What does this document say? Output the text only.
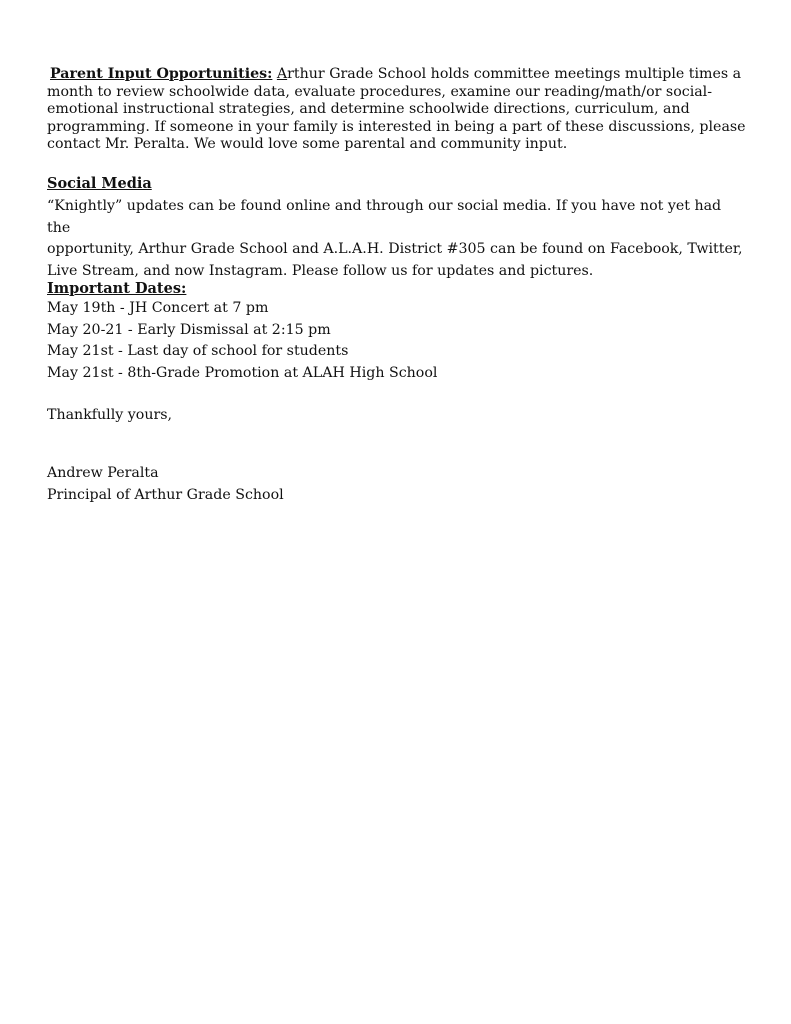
Parent Input Opportunities: Arthur Grade School holds committee meetings multiple times a month to review schoolwide data, evaluate procedures, examine our reading/math/or social-emotional instructional strategies, and determine schoolwide directions, curriculum, and programming. If someone in your family is interested in being a part of these discussions, please contact Mr. Peralta. We would love some parental and community input.

Social Media

“Knightly” updates can be found online and through our social media. If you have not yet had the
opportunity, Arthur Grade School and A.L.A.H. District #305 can be found on Facebook, Twitter,
Live Stream, and now Instagram. Please follow us for updates and pictures.

Important Dates:

May 19th - JH Concert at 7 pm
May 20-21 - Early Dismissal at 2:15 pm
May 21st - Last day of school for students
May 21st - 8th-Grade Promotion at ALAH High School
Thankfully yours,
Andrew Peralta
Principal of Arthur Grade School
